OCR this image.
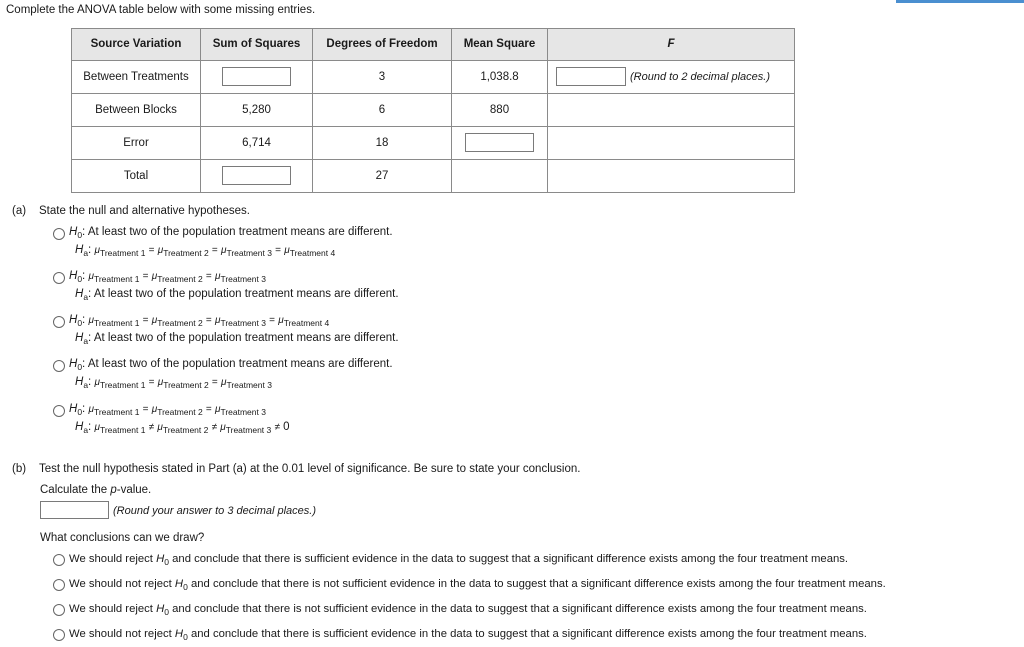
Complete the ANOVA table below with some missing entries.
Source Variation	Sum of Squares	Degrees of Freedom	Mean Square	F
Between Treatments		3	1,038.8	(Round to 2 decimal places.)
Between Blocks	5,280	6	880	
Error	6,714	18		
Total		27		
(a) State the null and alternative hypotheses.
$H_0$: At least two of the population treatment means are different.
$H_a$: $\mu_{Treatment 1} = \mu_{Treatment 2} = \mu_{Treatment 3} = \mu_{Treatment 4}$
$H_0$: $\mu_{Treatment 1} = \mu_{Treatment 2} = \mu_{Treatment 3}$
$H_a$: At least two of the population treatment means are different.
$H_0$: $\mu_{Treatment 1} = \mu_{Treatment 2} = \mu_{Treatment 3} = \mu_{Treatment 4}$
$H_a$: At least two of the population treatment means are different.
$H_0$: At least two of the population treatment means are different.
$H_a$: $\mu_{Treatment 1} = \mu_{Treatment 2} = \mu_{Treatment 3}$
$H_0$: $\mu_{Treatment 1} = \mu_{Treatment 2} = \mu_{Treatment 3}$
$H_a$: $\mu_{Treatment 1} \ne \mu_{Treatment 2} \ne \mu_{Treatment 3} \ne 0$
(b) Test the null hypothesis stated in Part (a) at the 0.01 level of significance. Be sure to state your conclusion.
Calculate the p-value.
(Round your answer to 3 decimal places.)
What conclusions can we draw?
We should reject $H_0$ and conclude that there is sufficient evidence in the data to suggest that a significant difference exists among the four treatment means.
We should not reject $H_0$ and conclude that there is not sufficient evidence in the data to suggest that a significant difference exists among the four treatment means.
We should reject $H_0$ and conclude that there is not sufficient evidence in the data to suggest that a significant difference exists among the four treatment means.
We should not reject $H_0$ and conclude that there is sufficient evidence in the data to suggest that a significant difference exists among the four treatment means.
